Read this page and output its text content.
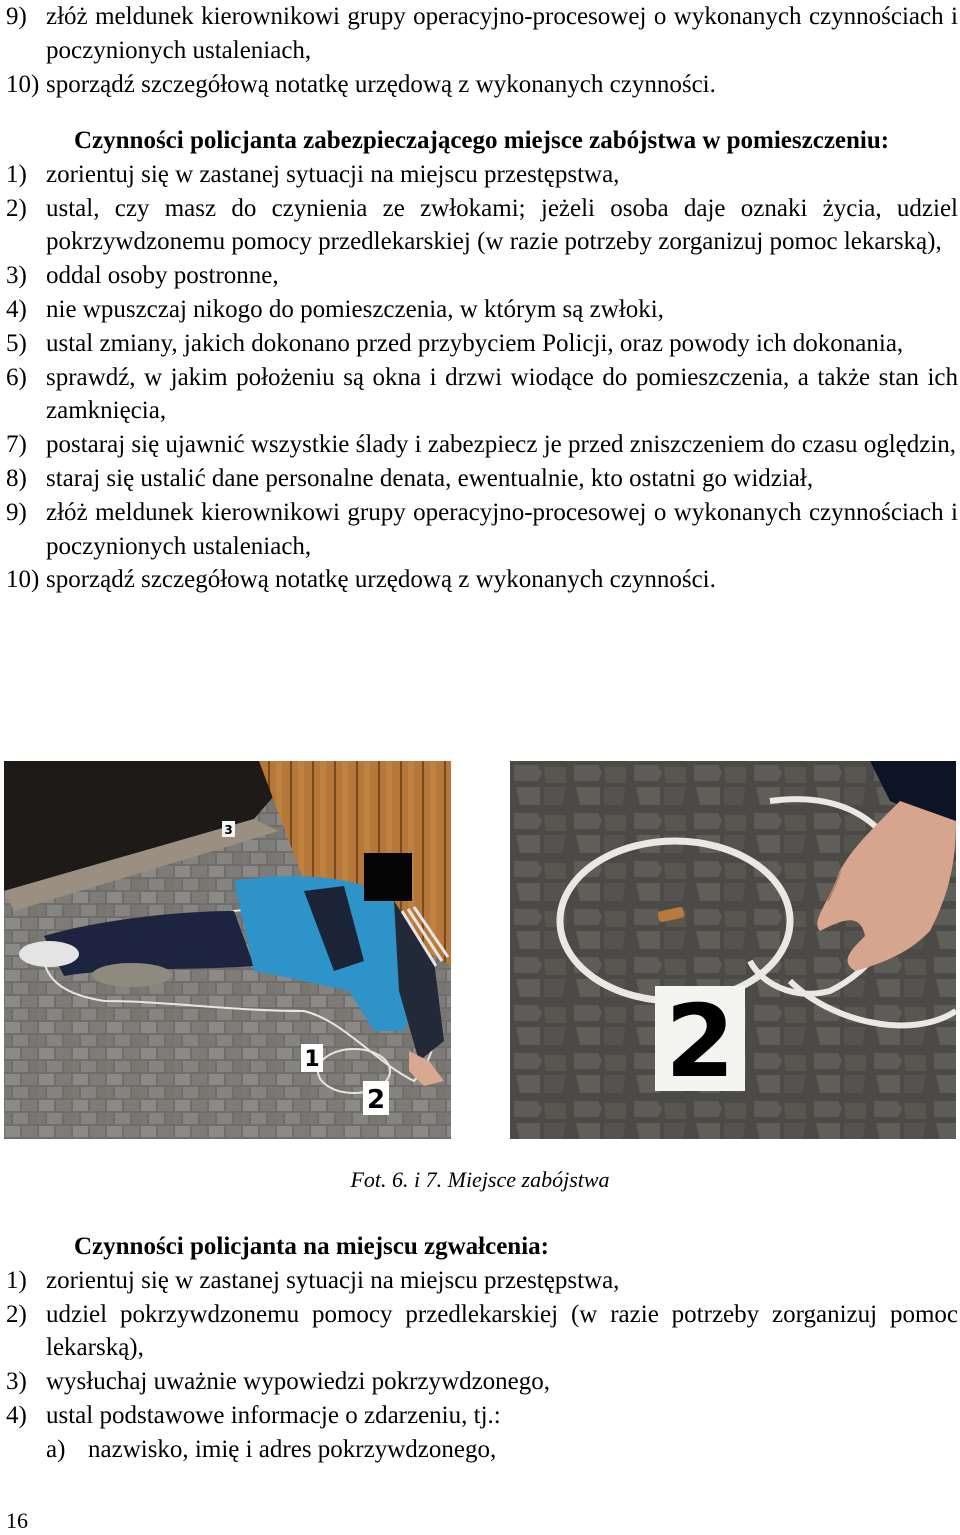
9) złóż meldunek kierownikowi grupy operacyjno-procesowej o wykonanych czynnościach i poczynionych ustaleniach,
10) sporządź szczegółową notatkę urzędową z wykonanych czynności.
Czynności policjanta zabezpieczającego miejsce zabójstwa w pomieszczeniu:
1) zorientuj się w zastanej sytuacji na miejscu przestępstwa,
2) ustal, czy masz do czynienia ze zwłokami; jeżeli osoba daje oznaki życia, udziel pokrzywdzonemu pomocy przedlekarskiej (w razie potrzeby zorganizuj pomoc lekarską),
3) oddal osoby postronne,
4) nie wpuszczaj nikogo do pomieszczenia, w którym są zwłoki,
5) ustal zmiany, jakich dokonano przed przybyciem Policji, oraz powody ich dokonania,
6) sprawdź, w jakim położeniu są okna i drzwi wiodące do pomieszczenia, a także stan ich zamknięcia,
7) postaraj się ujawnić wszystkie ślady i zabezpiecz je przed zniszczeniem do czasu oględzin,
8) staraj się ustalić dane personalne denata, ewentualnie, kto ostatni go widział,
9) złóż meldunek kierownikowi grupy operacyjno-procesowej o wykonanych czynnościach i poczynionych ustaleniach,
10) sporządź szczegółową notatkę urzędową z wykonanych czynności.
1
2
3
2
Fot. 6. i 7. Miejsce zabójstwa
Czynności policjanta na miejscu zgwałcenia:
1) zorientuj się w zastanej sytuacji na miejscu przestępstwa,
2) udziel pokrzywdzonemu pomocy przedlekarskiej (w razie potrzeby zorganizuj pomoc lekarską),
3) wysłuchaj uważnie wypowiedzi pokrzywdzonego,
4) ustal podstawowe informacje o zdarzeniu, tj.:
a) nazwisko, imię i adres pokrzywdzonego,
16
